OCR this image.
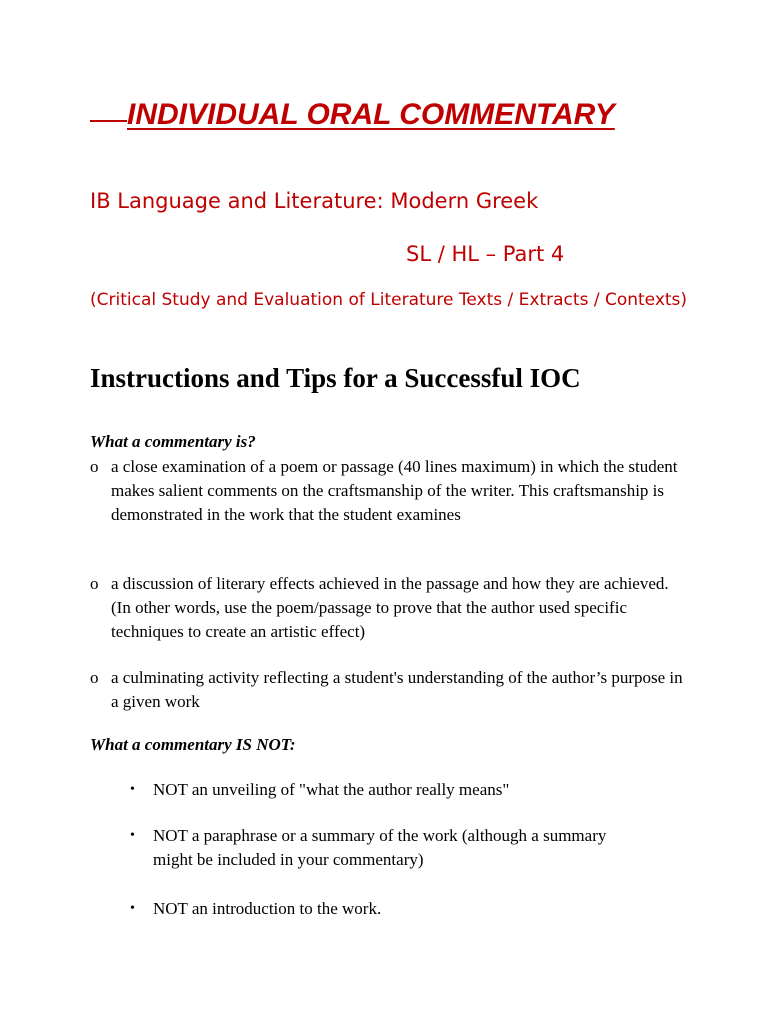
INDIVIDUAL ORAL COMMENTARY
IB Language and Literature: Modern Greek
SL / HL – Part 4
(Critical Study and Evaluation of Literature Texts / Extracts / Contexts)
Instructions and Tips for a Successful IOC
What a commentary is?
o a close examination of a poem or passage (40 lines maximum) in which the student makes salient comments on the craftsmanship of the writer. This craftsmanship is demonstrated in the work that the student examines
o a discussion of literary effects achieved in the passage and how they are achieved. (In other words, use the poem/passage to prove that the author used specific techniques to create an artistic effect)
o a culminating activity reflecting a student's understanding of the author’s purpose in a given work
What a commentary IS NOT:
•	NOT an unveiling of "what the author really means"
•	NOT a paraphrase or a summary of the work (although a summary might be included in your commentary)
•	NOT an introduction to the work.
